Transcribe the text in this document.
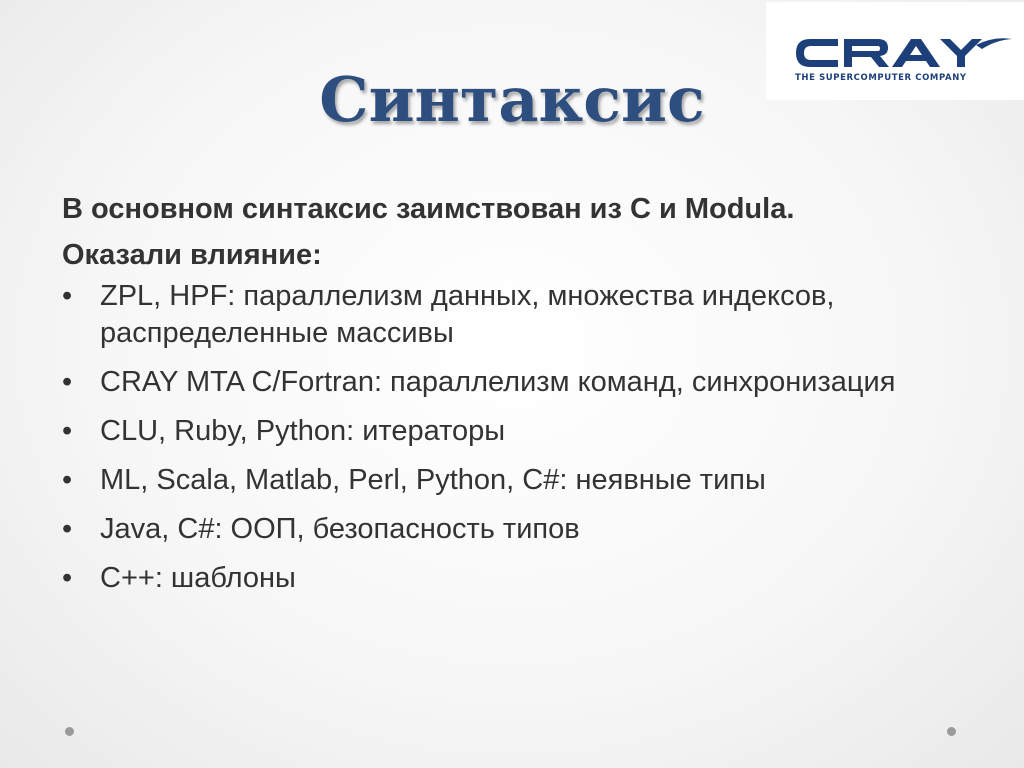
THE SUPERCOMPUTER COMPANY
Синтаксис

В основном синтаксис заимствован из C и Modula.

Оказали влияние:

• ZPL, HPF: параллелизм данных, множества индексов, распределенные массивы
• CRAY MTA C/Fortran: параллелизм команд, синхронизация
• CLU, Ruby, Python: итераторы
• ML, Scala, Matlab, Perl, Python, C#: неявные типы
• Java, C#: ООП, безопасность типов
• C++: шаблоны
